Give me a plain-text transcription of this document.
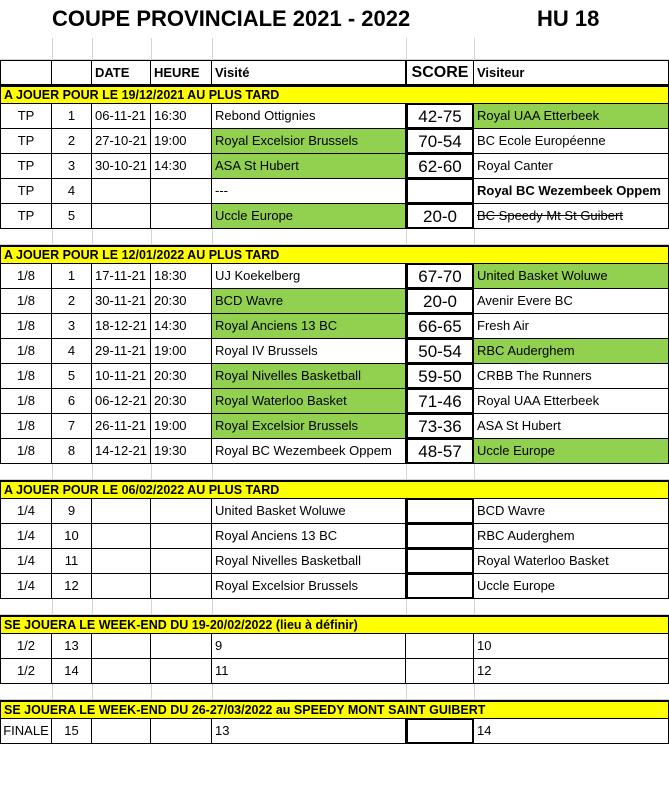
COUPE PROVINCIALE 2021 - 2022	HU 18
DATE	HEURE	Visité	SCORE Visiteur
A JOUER POUR LE 19/12/2021 AU PLUS TARD
TP	1	06-11-21 16:30	Rebond Ottignies	42-75	Royal UAA Etterbeek
TP	2	27-10-21 19:00	Royal Excelsior Brussels	70-54	BC Ecole Européenne
TP	3	30-10-21 14:30	ASA St Hubert	62-60	Royal Canter
TP	4	---	Royal BC Wezembeek Oppem
TP	5	Uccle Europe	20-0	BC Speedy Mt St Guibert
A JOUER POUR LE 12/01/2022 AU PLUS TARD
1/8	1	17-11-21 18:30	UJ Koekelberg	67-70	United Basket Woluwe
1/8	2	30-11-21 20:30	BCD Wavre	20-0	Avenir Evere BC
1/8	3	18-12-21 14:30	Royal Anciens 13 BC	66-65	Fresh Air
1/8	4	29-11-21 19:00	Royal IV Brussels	50-54	RBC Auderghem
1/8	5	10-11-21 20:30	Royal Nivelles Basketball	59-50	CRBB The Runners
1/8	6	06-12-21 20:30	Royal Waterloo Basket	71-46	Royal UAA Etterbeek
1/8	7	26-11-21 19:00	Royal Excelsior Brussels	73-36	ASA St Hubert
1/8	8	14-12-21 19:30	Royal BC Wezembeek Oppem	48-57	Uccle Europe
A JOUER POUR LE 06/02/2022 AU PLUS TARD
1/4	9	United Basket Woluwe	BCD Wavre
1/4	10	Royal Anciens 13 BC	RBC Auderghem
1/4	11	Royal Nivelles Basketball	Royal Waterloo Basket
1/4	12	Royal Excelsior Brussels	Uccle Europe
SE JOUERA LE WEEK-END DU 19-20/02/2022 (lieu à définir)
1/2	13	9	10
1/2	14	11	12
SE JOUERA LE WEEK-END DU 26-27/03/2022 au SPEEDY MONT SAINT GUIBERT
FINALE	15	13	14
